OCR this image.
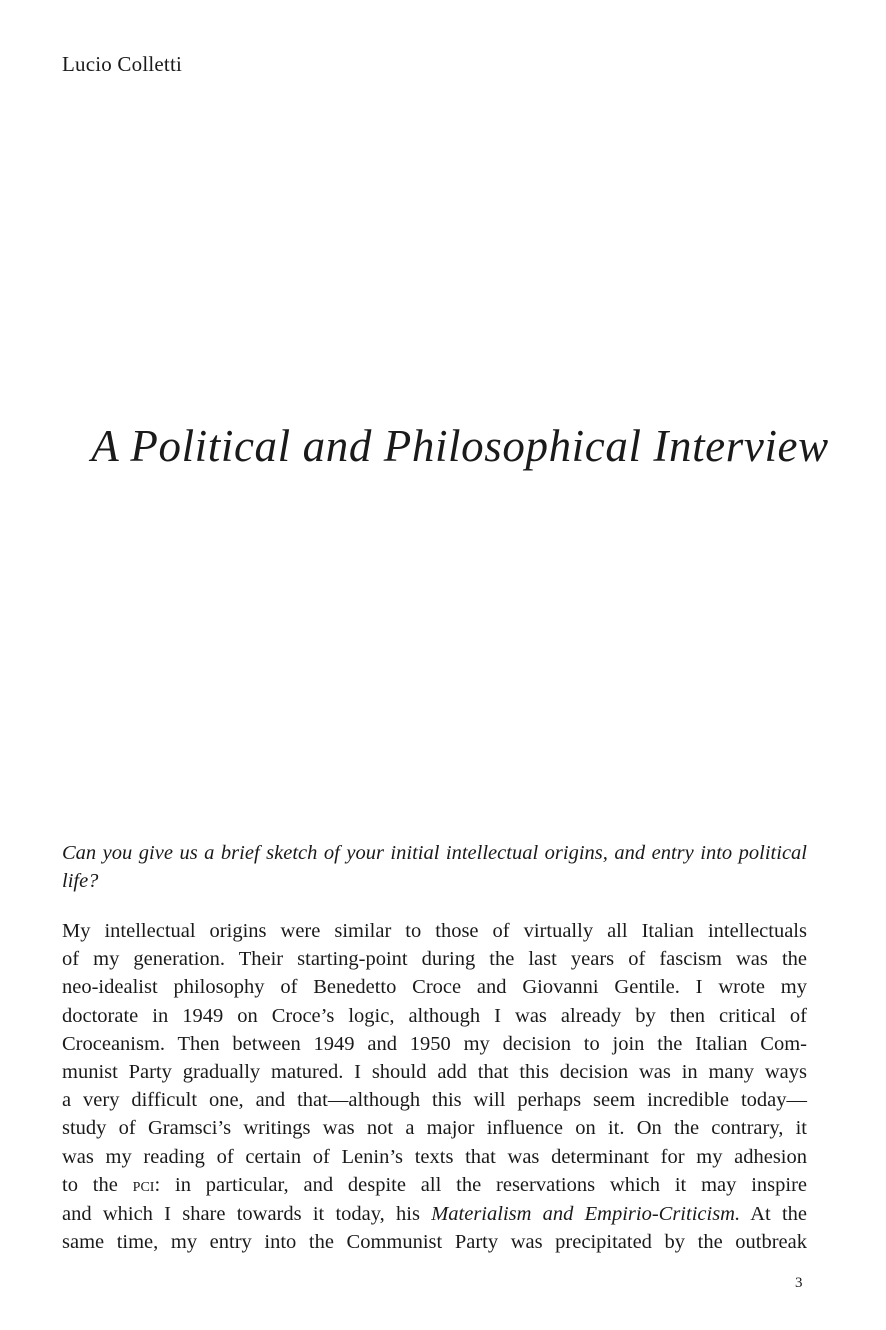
Lucio Colletti
A Political and Philosophical Interview

Can you give us a brief sketch of your initial intellectual origins, and entry into political life?

My intellectual origins were similar to those of virtually all Italian intellectuals
of my generation. Their starting-point during the last years of fascism was the
neo-idealist philosophy of Benedetto Croce and Giovanni Gentile. I wrote my
doctorate in 1949 on Croce’s logic, although I was already by then critical of
Croceanism. Then between 1949 and 1950 my decision to join the Italian Com-
munist Party gradually matured. I should add that this decision was in many ways
a very difficult one, and that—although this will perhaps seem incredible today—
study of Gramsci’s writings was not a major influence on it. On the contrary, it
was my reading of certain of Lenin’s texts that was determinant for my adhesion
to the pci: in particular, and despite all the reservations which it may inspire
and which I share towards it today, his Materialism and Empirio-Criticism. At the
same time, my entry into the Communist Party was precipitated by the outbreak
3
